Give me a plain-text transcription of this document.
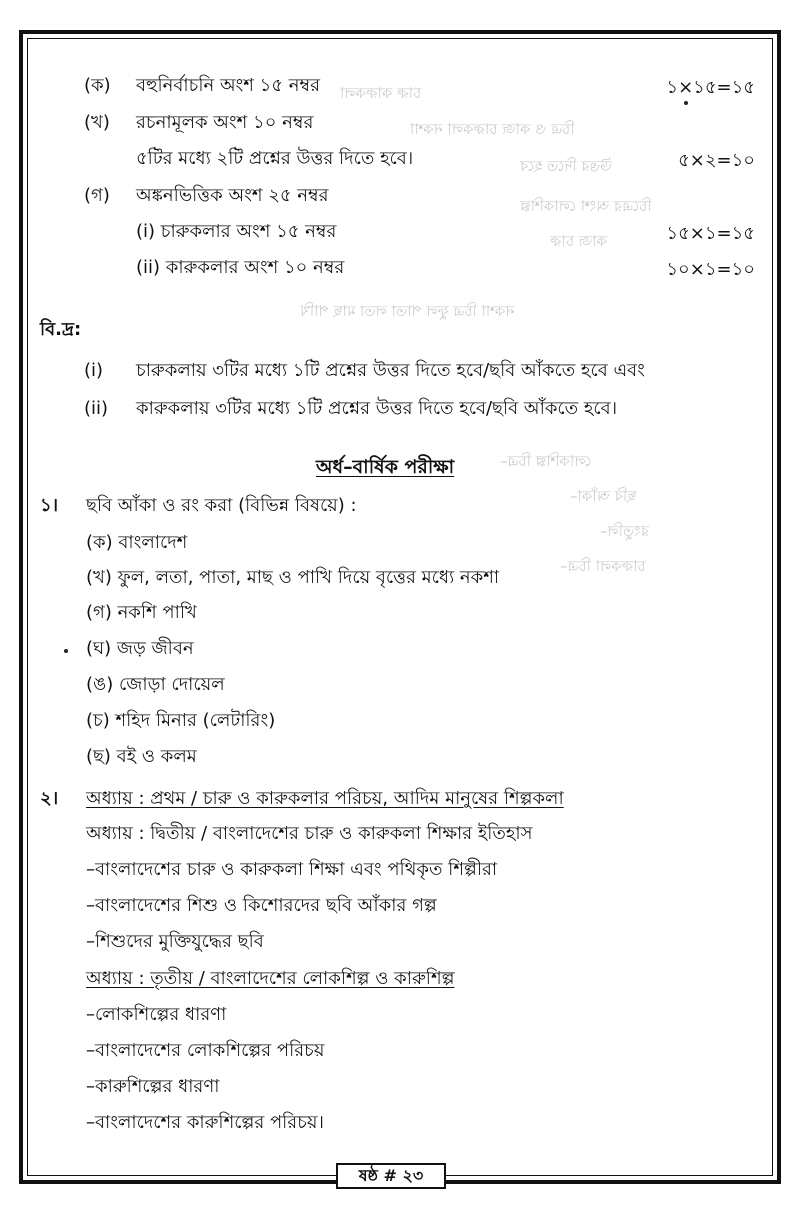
চারু কারুকলা
চিত্র ও কাজ চারুকলা নকশা
উত্তর দিতে হবে
চিত্রের অংশ লোকশিল্প
কাজ চারু
নকশা চিত্র ফুল পাতা লতা মাছ পাখি
লোকশিল্প চিত্র–
ছবি আঁকা–
রংতুলি–
চারুকলা চিত্র–
(ক) বহুনির্বাচনি অংশ ১৫ নম্বর	১×১৫=১৫
(খ) রচনামূলক অংশ ১০ নম্বর
৫টির মধ্যে ২টি প্রশ্নের উত্তর দিতে হবে।	৫×২=১০
(গ) অঙ্কনভিত্তিক অংশ ২৫ নম্বর
(i) চারুকলার অংশ ১৫ নম্বর	১৫×১=১৫
(ii) কারুকলার অংশ ১০ নম্বর	১০×১=১০
বি.দ্র:
(i) চারুকলায় ৩টির মধ্যে ১টি প্রশ্নের উত্তর দিতে হবে/ছবি আঁকতে হবে এবং
(ii) কারুকলায় ৩টির মধ্যে ১টি প্রশ্নের উত্তর দিতে হবে/ছবি আঁকতে হবে।
অর্ধ–বার্ষিক পরীক্ষা
১। ছবি আঁকা ও রং করা (বিভিন্ন বিষয়ে) :
(ক) বাংলাদেশ
(খ) ফুল, লতা, পাতা, মাছ ও পাখি দিয়ে বৃত্তের মধ্যে নকশা
(গ) নকশি পাখি
(ঘ) জড় জীবন
(ঙ) জোড়া দোয়েল
(চ) শহিদ মিনার (লেটারিং)
(ছ) বই ও কলম
২। অধ্যায় : প্রথম / চারু ও কারুকলার পরিচয়, আদিম মানুষের শিল্পকলা
অধ্যায় : দ্বিতীয় / বাংলাদেশের চারু ও কারুকলা শিক্ষার ইতিহাস
–বাংলাদেশের চারু ও কারুকলা শিক্ষা এবং পথিকৃত শিল্পীরা
–বাংলাদেশের শিশু ও কিশোরদের ছবি আঁকার গল্প
–শিশুদের মুক্তিযুদ্ধের ছবি
অধ্যায় : তৃতীয় / বাংলাদেশের লোকশিল্প ও কারুশিল্প
–লোকশিল্পের ধারণা
–বাংলাদেশের লোকশিল্পের পরিচয়
–কারুশিল্পের ধারণা
–বাংলাদেশের কারুশিল্পের পরিচয়।
ষষ্ঠ # ২৩
